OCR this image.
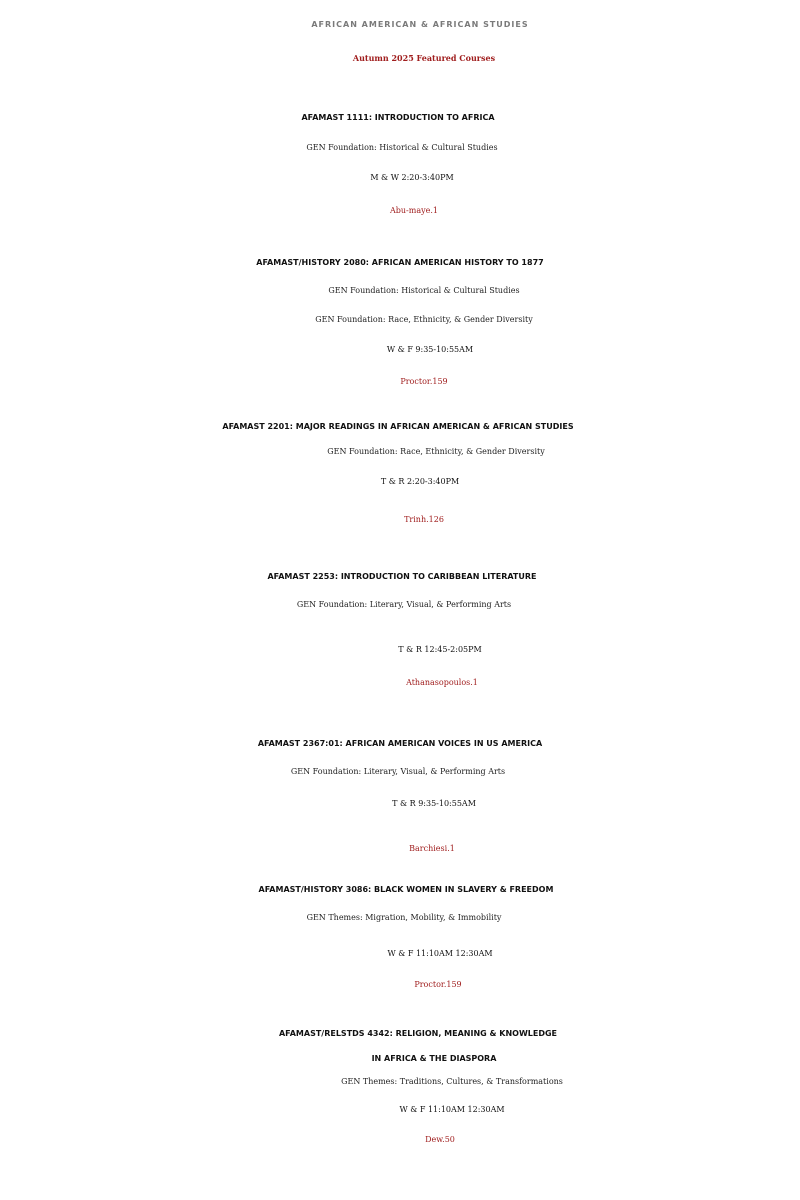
AFRICAN AMERICAN & AFRICAN STUDIES
Autumn 2025 Featured Courses
AFAMAST 1111: INTRODUCTION TO AFRICA
GEN Foundation: Historical & Cultural Studies
M & W 2:20-3:40PM
Abu-maye.1
AFAMAST/HISTORY 2080: AFRICAN AMERICAN HISTORY TO 1877
GEN Foundation: Historical & Cultural Studies
GEN Foundation: Race, Ethnicity, & Gender Diversity
W & F 9:35-10:55AM
Proctor.159
AFAMAST 2201: MAJOR READINGS IN AFRICAN AMERICAN & AFRICAN STUDIES
GEN Foundation: Race, Ethnicity, & Gender Diversity
T & R 2:20-3:40PM
Trinh.126
AFAMAST 2253: INTRODUCTION TO CARIBBEAN LITERATURE
GEN Foundation: Literary, Visual, & Performing Arts
T & R 12:45-2:05PM
Athanasopoulos.1
AFAMAST 2367:01: AFRICAN AMERICAN VOICES IN US AMERICA
GEN Foundation: Literary, Visual, & Performing Arts
T & R 9:35-10:55AM
Barchiesi.1
AFAMAST/HISTORY 3086: BLACK WOMEN IN SLAVERY & FREEDOM
GEN Themes: Migration, Mobility, & Immobility
W & F 11:10AM 12:30AM
Proctor.159
AFAMAST/RELSTDS 4342: RELIGION, MEANING & KNOWLEDGE
IN AFRICA & THE DIASPORA
GEN Themes: Traditions, Cultures, & Transformations
W & F 11:10AM 12:30AM
Dew.50
